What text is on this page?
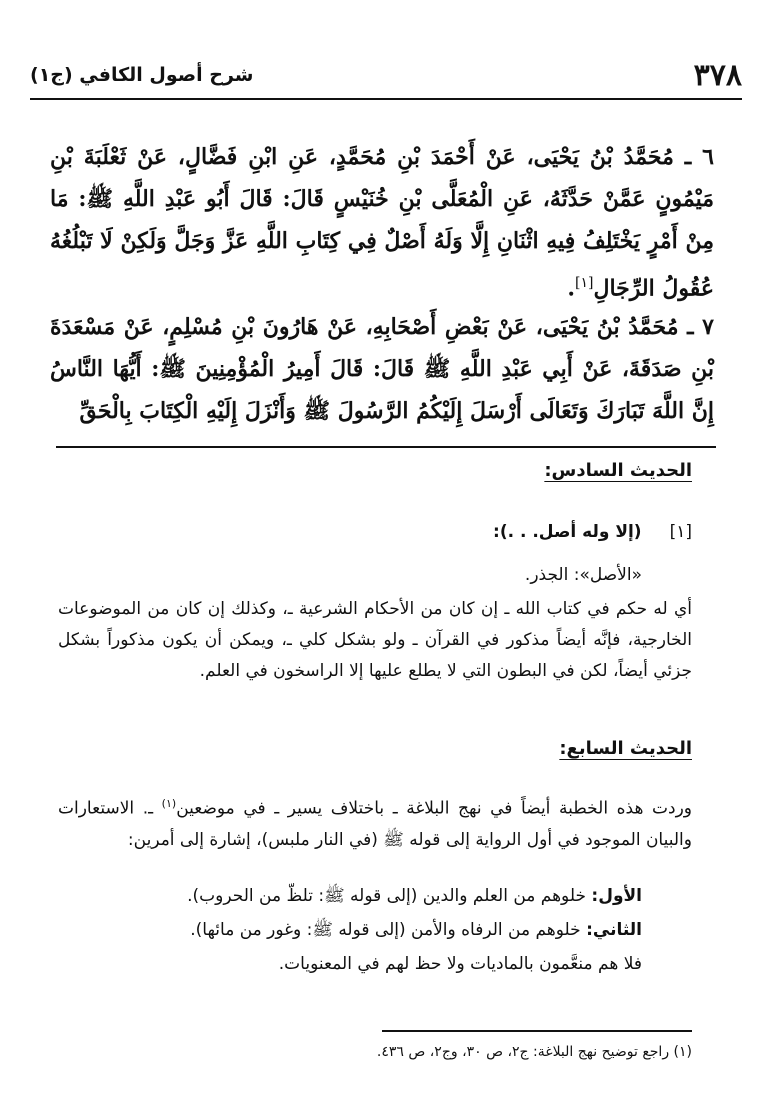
٣٧٨
شرح أصول الكافي (ج١)
٦ ـ مُحَمَّدُ بْنُ يَحْيَى، عَنْ أَحْمَدَ بْنِ مُحَمَّدٍ، عَنِ ابْنِ فَضَّالٍ، عَنْ ثَعْلَبَةَ بْنِ مَيْمُونٍ عَمَّنْ حَدَّثَهُ، عَنِ الْمُعَلَّى بْنِ خُنَيْسٍ قَالَ: قَالَ أَبُو عَبْدِ اللَّهِ ﷺ: مَا مِنْ أَمْرٍ يَخْتَلِفُ فِيهِ اثْنَانِ إِلَّا وَلَهُ أَصْلٌ فِي كِتَابِ اللَّهِ عَزَّ وَجَلَّ وَلَكِنْ لَا تَبْلُغُهُ عُقُولُ الرِّجَالِ[١].
٧ ـ مُحَمَّدُ بْنُ يَحْيَى، عَنْ بَعْضِ أَصْحَابِهِ، عَنْ هَارُونَ بْنِ مُسْلِمٍ، عَنْ مَسْعَدَةَ بْنِ صَدَقَةَ، عَنْ أَبِي عَبْدِ اللَّهِ ﷺ قَالَ: قَالَ أَمِيرُ الْمُؤْمِنِينَ ﷺ: أَيُّهَا النَّاسُ إِنَّ اللَّهَ تَبَارَكَ وَتَعَالَى أَرْسَلَ إِلَيْكُمُ الرَّسُولَ ﷺ وَأَنْزَلَ إِلَيْهِ الْكِتَابَ بِالْحَقِّ
الحديث السادس:
[١]
(إلا وله أصل. . .):
«الأصل»: الجذر.
أي له حكم في كتاب الله ـ إن كان من الأحكام الشرعية ـ، وكذلك إن كان من الموضوعات الخارجية، فإنَّه أيضاً مذكور في القرآن ـ ولو بشكل كلي ـ، ويمكن أن يكون مذكوراً بشكل جزئي أيضاً، لكن في البطون التي لا يطلع عليها إلا الراسخون في العلم.
الحديث السابع:
وردت هذه الخطبة أيضاً في نهج البلاغة ـ باختلاف يسير ـ في موضعين$^{(١)}$ ـ. الاستعارات والبيان الموجود في أول الرواية إلى قوله ﷺ (في النار ملبس)، إشارة إلى أمرين:
الأول: خلوهم من العلم والدين (إلى قوله ﷺ: تلظّ من الحروب).
الثاني: خلوهم من الرفاه والأمن (إلى قوله ﷺ: وغور من مائها).
فلا هم منعَّمون بالماديات ولا حظ لهم في المعنويات.
(١) راجع توضيح نهج البلاغة: ج٢، ص ٣٠، وج٢، ص ٤٣٦.
